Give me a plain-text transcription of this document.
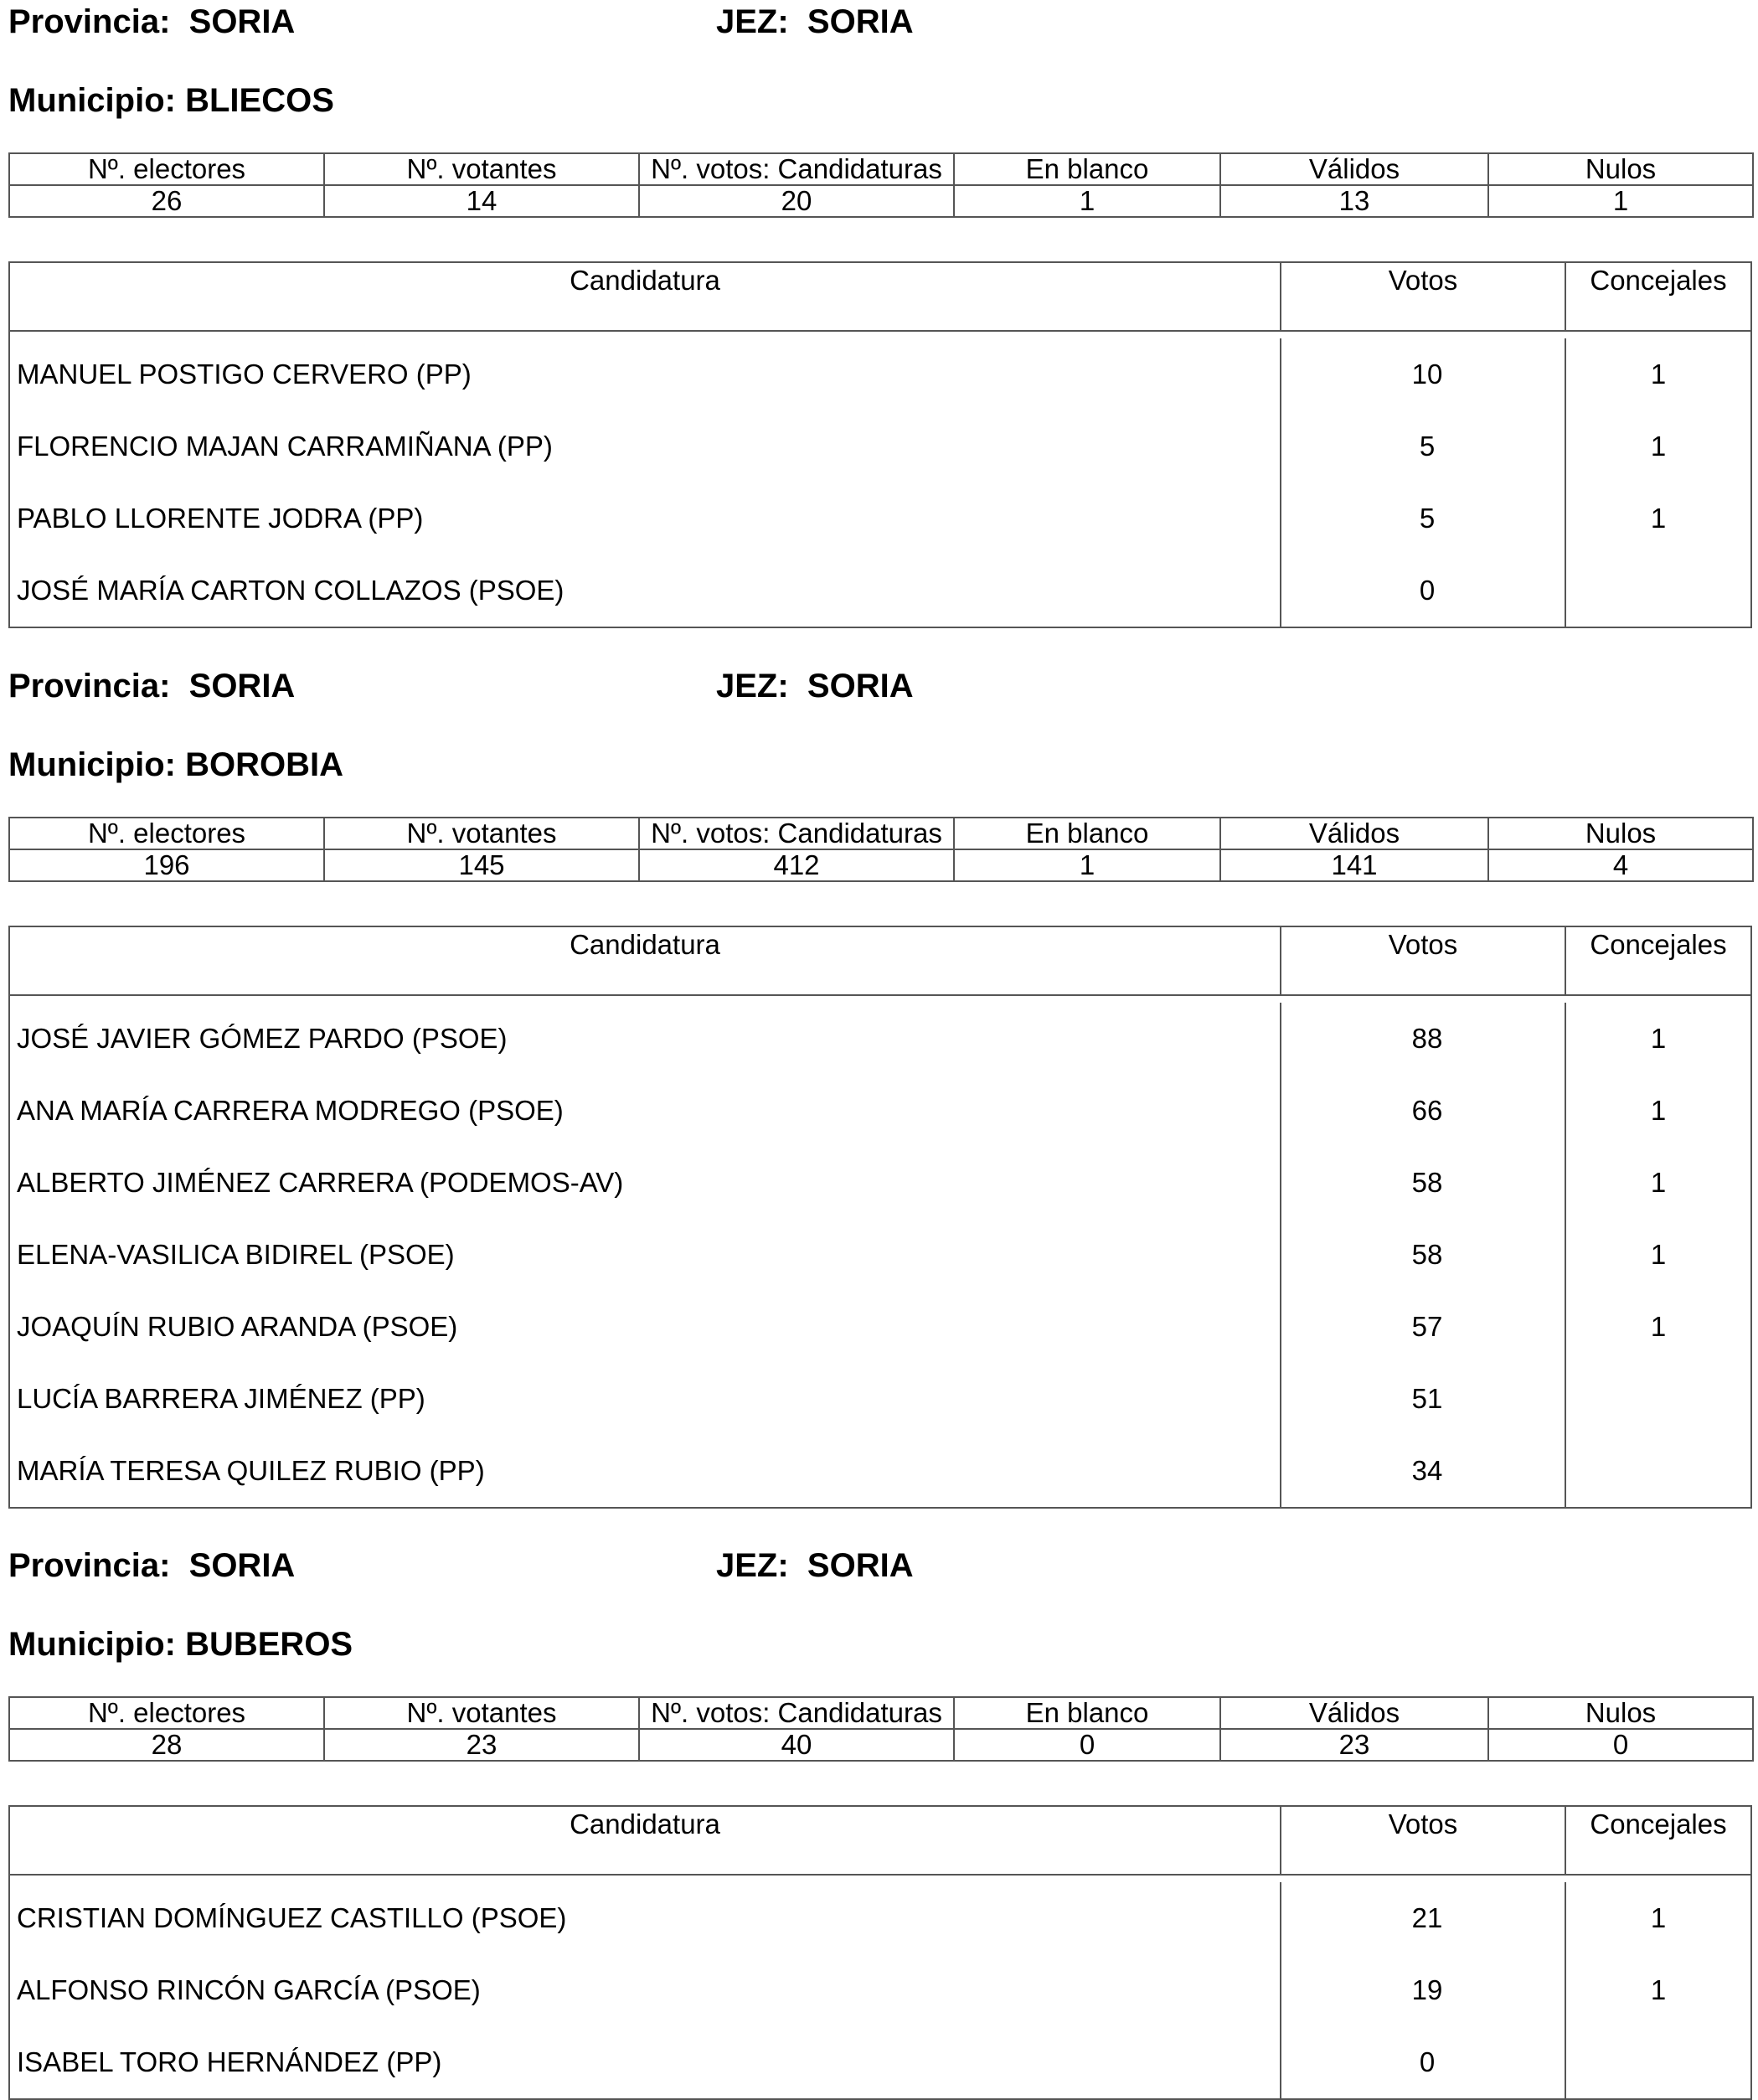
Provincia: SORIA	JEZ: SORIA
Municipio: BLIECOS
Nº. electores	Nº. votantes	Nº. votos: Candidaturas	En blanco	Válidos	Nulos
26	14	20	1	13	1
Candidatura	Votos	Concejales
MANUEL POSTIGO CERVERO (PP)	10	1
FLORENCIO MAJAN CARRAMIÑANA (PP)	5	1
PABLO LLORENTE JODRA (PP)	5	1
JOSÉ MARÍA CARTON COLLAZOS (PSOE)	0
Provincia: SORIA	JEZ: SORIA
Municipio: BOROBIA
Nº. electores	Nº. votantes	Nº. votos: Candidaturas	En blanco	Válidos	Nulos
196	145	412	1	141	4
Candidatura	Votos	Concejales
JOSÉ JAVIER GÓMEZ PARDO (PSOE)	88	1
ANA MARÍA CARRERA MODREGO (PSOE)	66	1
ALBERTO JIMÉNEZ CARRERA (PODEMOS-AV)	58	1
ELENA-VASILICA BIDIREL (PSOE)	58	1
JOAQUÍN RUBIO ARANDA (PSOE)	57	1
LUCÍA BARRERA JIMÉNEZ (PP)	51
MARÍA TERESA QUILEZ RUBIO (PP)	34
Provincia: SORIA	JEZ: SORIA
Municipio: BUBEROS
Nº. electores	Nº. votantes	Nº. votos: Candidaturas	En blanco	Válidos	Nulos
28	23	40	0	23	0
Candidatura	Votos	Concejales
CRISTIAN DOMÍNGUEZ CASTILLO (PSOE)	21	1
ALFONSO RINCÓN GARCÍA (PSOE)	19	1
ISABEL TORO HERNÁNDEZ (PP)	0
